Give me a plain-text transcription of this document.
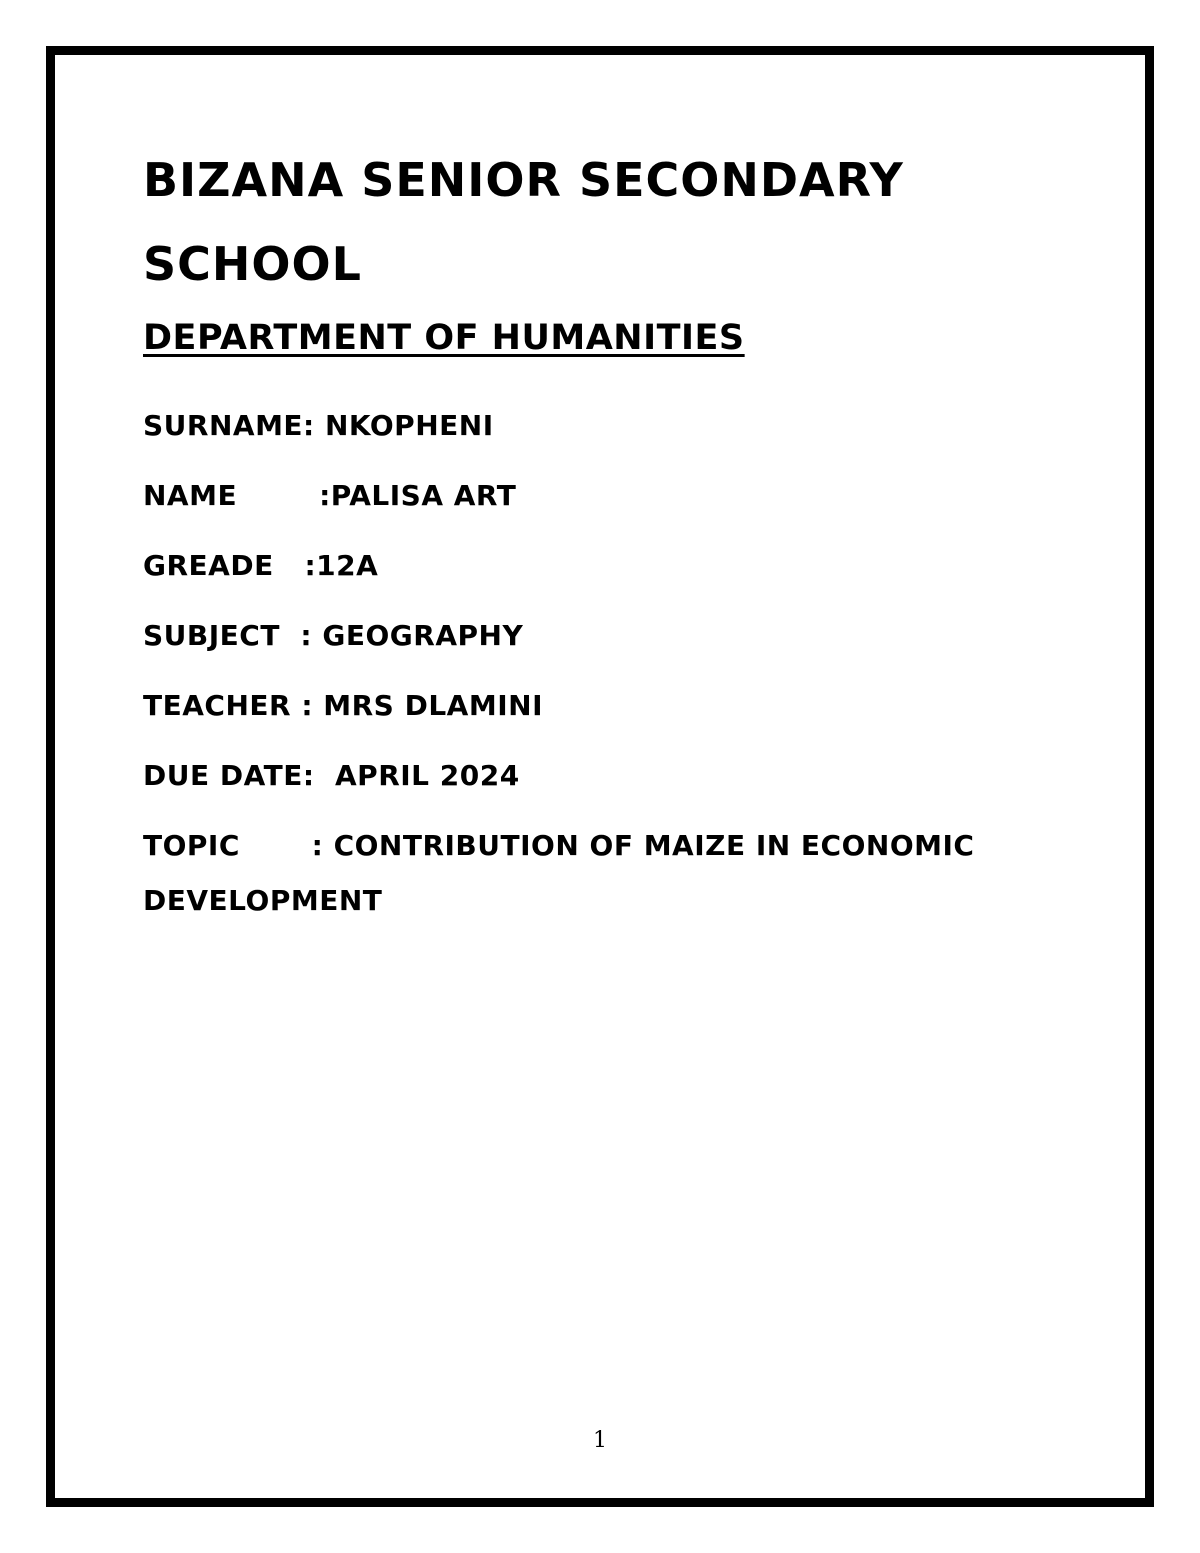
BIZANA SENIOR SECONDARY SCHOOL
DEPARTMENT OF HUMANITIES

SURNAME: NKOPHENI

NAME        :PALISA ART

GREADE   :12A

SUBJECT  : GEOGRAPHY

TEACHER : MRS DLAMINI

DUE DATE:  APRIL 2024

TOPIC       : CONTRIBUTION OF MAIZE IN ECONOMIC DEVELOPMENT

1
